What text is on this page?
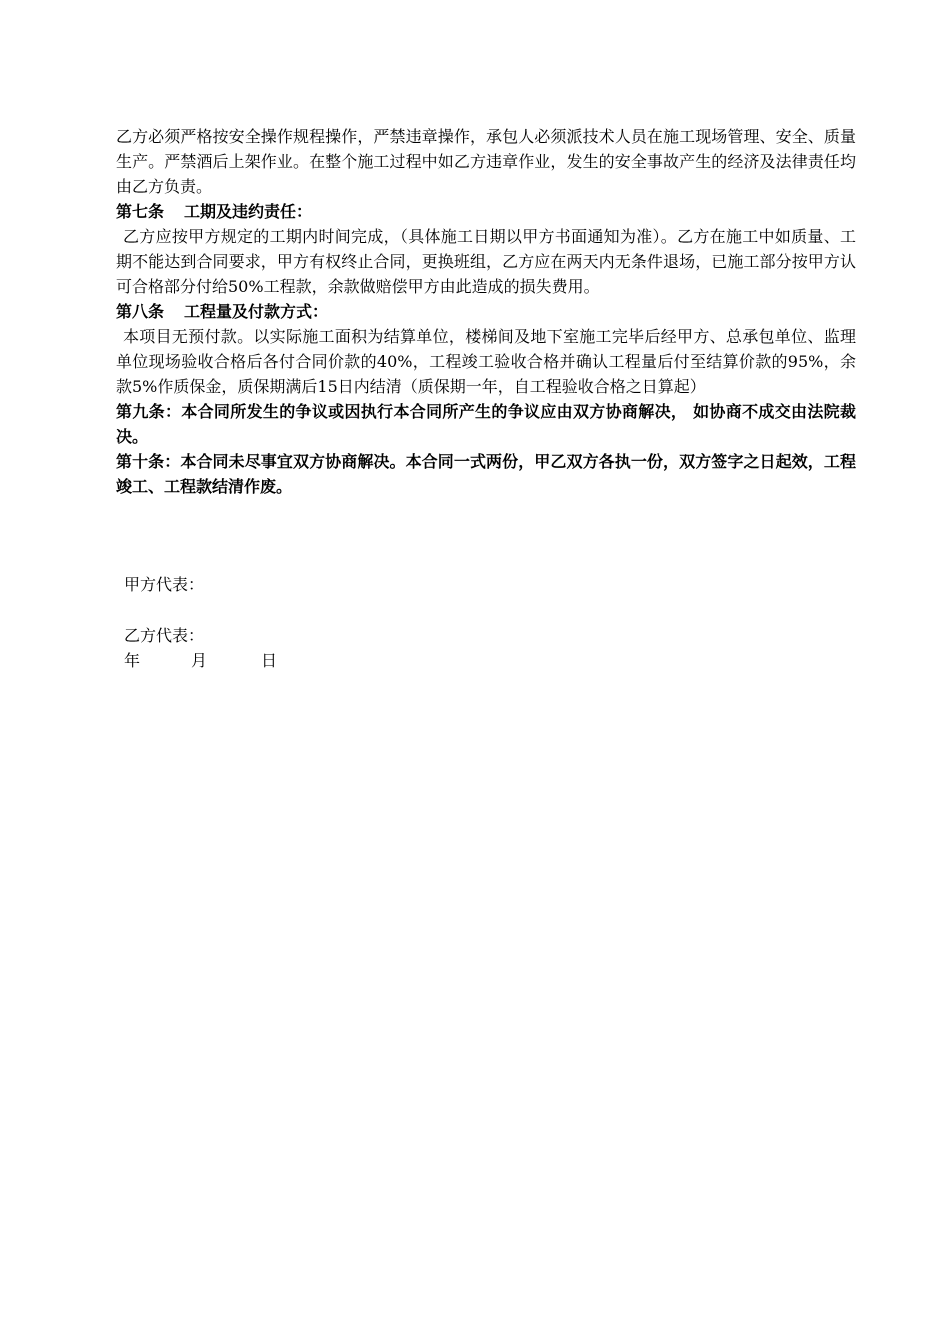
乙方必须严格按安全操作规程操作，严禁违章操作，承包人必须派技术人员在施工现场管理、安全、质量生产。严禁酒后上架作业。在整个施工过程中如乙方违章作业，发生的安全事故产生的经济及法律责任均由乙方负责。

第七条 工期及违约责任：

乙方应按甲方规定的工期内时间完成，（具体施工日期以甲方书面通知为准）。乙方在施工中如质量、工期不能达到合同要求，甲方有权终止合同，更换班组，乙方应在两天内无条件退场，已施工部分按甲方认可合格部分付给50%工程款，余款做赔偿甲方由此造成的损失费用。

第八条 工程量及付款方式：

本项目无预付款。以实际施工面积为结算单位，楼梯间及地下室施工完毕后经甲方、总承包单位、监理单位现场验收合格后各付合同价款的40%，工程竣工验收合格并确认工程量后付至结算价款的95%，余款5%作质保金，质保期满后15日内结清（质保期一年，自工程验收合格之日算起）

第九条：本合同所发生的争议或因执行本合同所产生的争议应由双方协商解决， 如协商不成交由法院裁决。

第十条：本合同未尽事宜双方协商解决。本合同一式两份，甲乙双方各执一份，双方签字之日起效，工程竣工、工程款结清作废。

甲方代表：

乙方代表：

年	月	日
